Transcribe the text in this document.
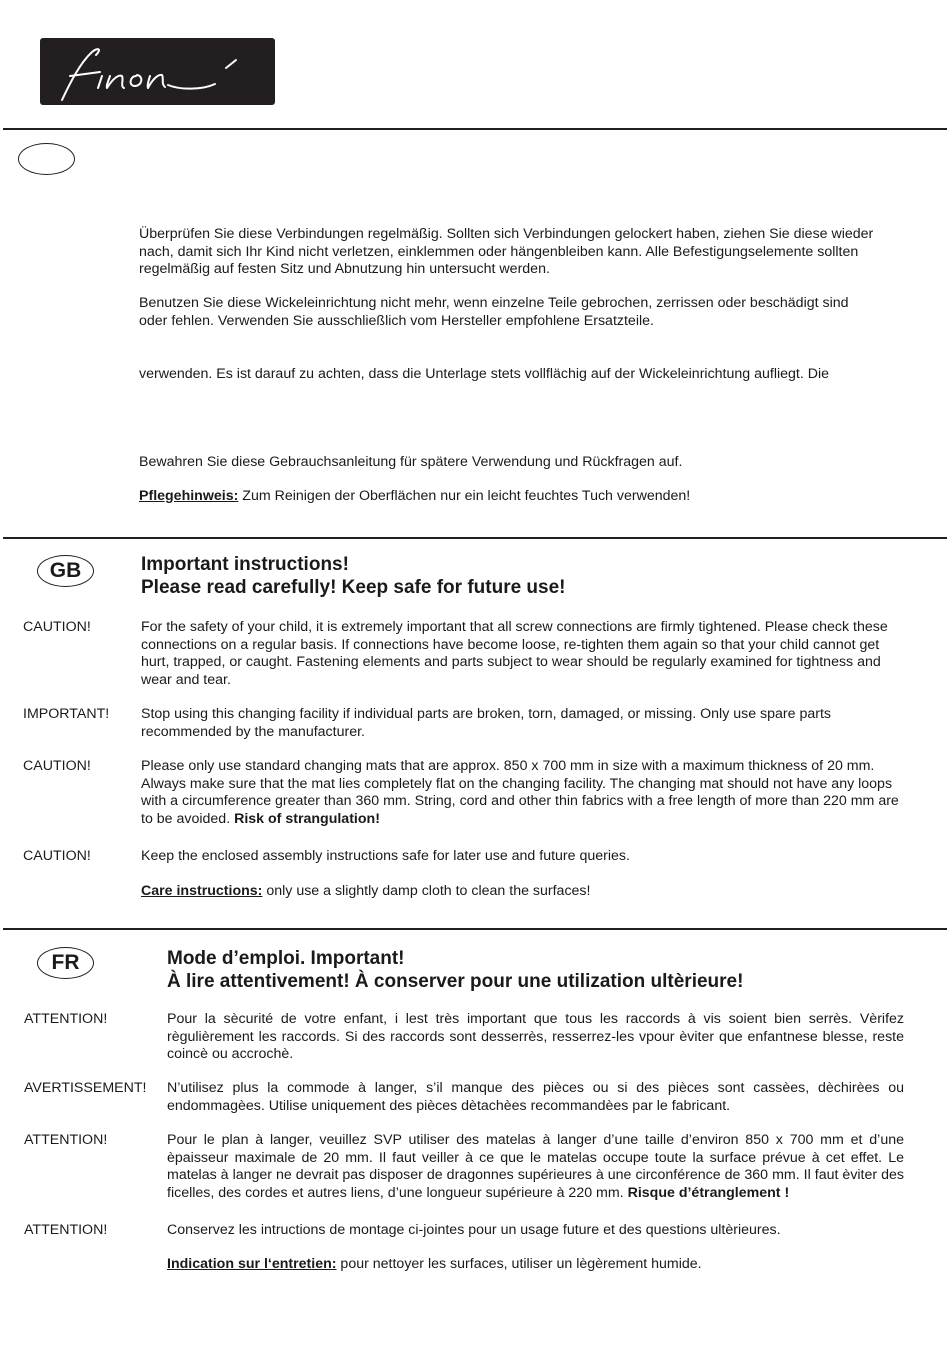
Überprüfen Sie diese Verbindungen regelmäßig. Sollten sich Verbindungen gelockert haben, ziehen Sie diese wieder nach, damit sich Ihr Kind nicht verletzen, einklemmen oder hängenbleiben kann. Alle Befestigungselemente sollten regelmäßig auf festen Sitz und Abnutzung hin untersucht werden.

Benutzen Sie diese Wickeleinrichtung nicht mehr, wenn einzelne Teile gebrochen, zerrissen oder beschädigt sind oder fehlen. Verwenden Sie ausschließlich vom Hersteller empfohlene Ersatzteile.

verwenden. Es ist darauf zu achten, dass die Unterlage stets vollflächig auf der Wickeleinrichtung aufliegt. Die

Bewahren Sie diese Gebrauchsanleitung für spätere Verwendung und Rückfragen auf.

Pflegehinweis: Zum Reinigen der Oberflächen nur ein leicht feuchtes Tuch verwenden!

GB	Important instructions!
Please read carefully! Keep safe for future use!
CAUTION!	For the safety of your child, it is extremely important that all screw connections are firmly tightened. Please check these connections on a regular basis. If connections have become loose, re-tighten them again so that your child cannot get hurt, trapped, or caught. Fastening elements and parts subject to wear should be regularly examined for tightness and wear and tear.

IMPORTANT! Stop using this changing facility if individual parts are broken, torn, damaged, or missing. Only use spare parts recommended by the manufacturer.

CAUTION!	Please only use standard changing mats that are approx. 850 x 700 mm in size with a maximum thickness of 20 mm. Always make sure that the mat lies completely flat on the changing facility. The changing mat should not have any loops with a circumference greater than 360 mm. String, cord and other thin fabrics with a free length of more than 220 mm are to be avoided. Risk of strangulation!

CAUTION!	Keep the enclosed assembly instructions safe for later use and future queries.

Care instructions: only use a slightly damp cloth to clean the surfaces!

FR	Mode d’emploi. Important!
À lire attentivement! À conserver pour une utilization ultèrieure!
ATTENTION!	Pour la sècurité de votre enfant, i lest très important que tous les raccords à vis soient bien serrès. Vèrifez règulièrement les raccords. Si des raccords sont desserrès, resserrez-les vpour èviter que enfantnese blesse, reste coincè ou accrochè.

AVERTISSEMENT! N’utilisez plus la commode à langer, s’il manque des pièces ou si des pièces sont cassèes, dèchirèes ou endommagèes. Utilise uniquement des pièces dètachèes recommandèes par le fabricant.

ATTENTION!	Pour le plan à langer, veuillez SVP utiliser des matelas à langer d’une taille d’environ 850 x 700 mm et d’une èpaisseur maximale de 20 mm. Il faut veiller à ce que le matelas occupe toute la surface prévue à cet effet. Le matelas à langer ne devrait pas disposer de dragonnes supérieures à une circonférence de 360 mm. Il faut èviter des ficelles, des cordes et autres liens, d’une longueur supérieure à 220 mm. Risque d’étranglement !

ATTENTION!	Conservez les intructions de montage ci-jointes pour un usage future et des questions ultèrieures.

Indication sur l‘entretien: pour nettoyer les surfaces, utiliser un lègèrement humide.
